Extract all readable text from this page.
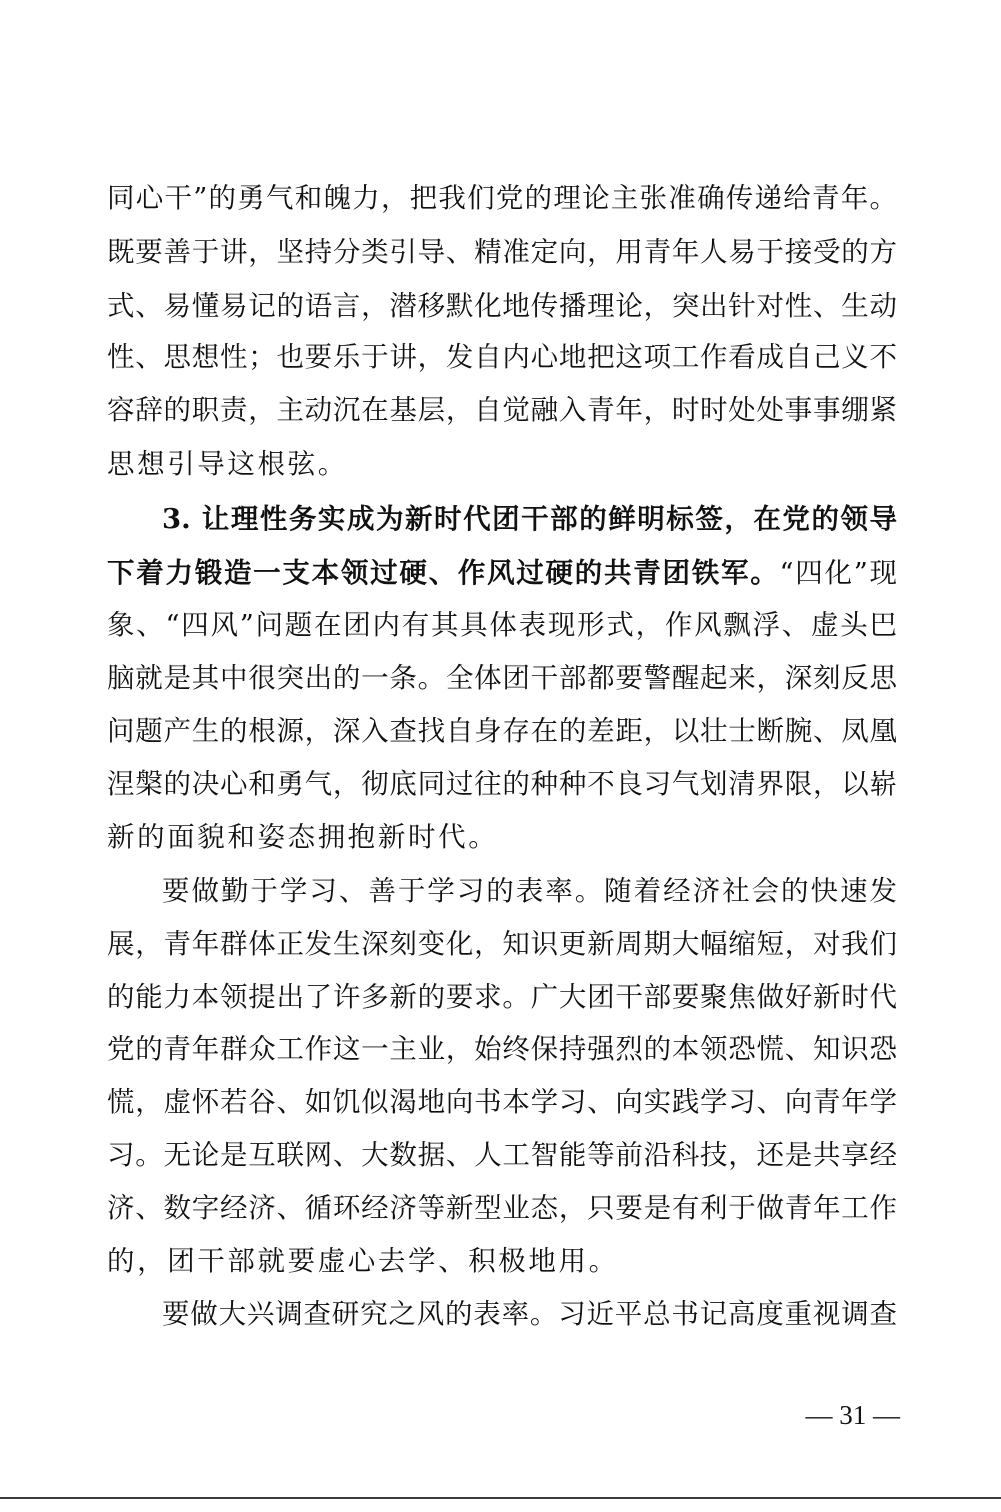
同心干”的勇气和魄力，把我们党的理论主张准确传递给青年。
既要善于讲，坚持分类引导、精准定向，用青年人易于接受的方
式、易懂易记的语言，潜移默化地传播理论，突出针对性、生动
性、思想性；也要乐于讲，发自内心地把这项工作看成自己义不
容辞的职责，主动沉在基层，自觉融入青年，时时处处事事绷紧
思想引导这根弦。
3. 让理性务实成为新时代团干部的鲜明标签，在党的领导
下着力锻造一支本领过硬、作风过硬的共青团铁军。“四化”现
象、“四风”问题在团内有其具体表现形式，作风飘浮、虚头巴
脑就是其中很突出的一条。全体团干部都要警醒起来，深刻反思
问题产生的根源，深入查找自身存在的差距，以壮士断腕、凤凰
涅槃的决心和勇气，彻底同过往的种种不良习气划清界限，以崭
新的面貌和姿态拥抱新时代。
要做勤于学习、善于学习的表率。随着经济社会的快速发
展，青年群体正发生深刻变化，知识更新周期大幅缩短，对我们
的能力本领提出了许多新的要求。广大团干部要聚焦做好新时代
党的青年群众工作这一主业，始终保持强烈的本领恐慌、知识恐
慌，虚怀若谷、如饥似渴地向书本学习、向实践学习、向青年学
习。无论是互联网、大数据、人工智能等前沿科技，还是共享经
济、数字经济、循环经济等新型业态，只要是有利于做青年工作
的，团干部就要虚心去学、积极地用。
要做大兴调查研究之风的表率。习近平总书记高度重视调查
— 31 —
